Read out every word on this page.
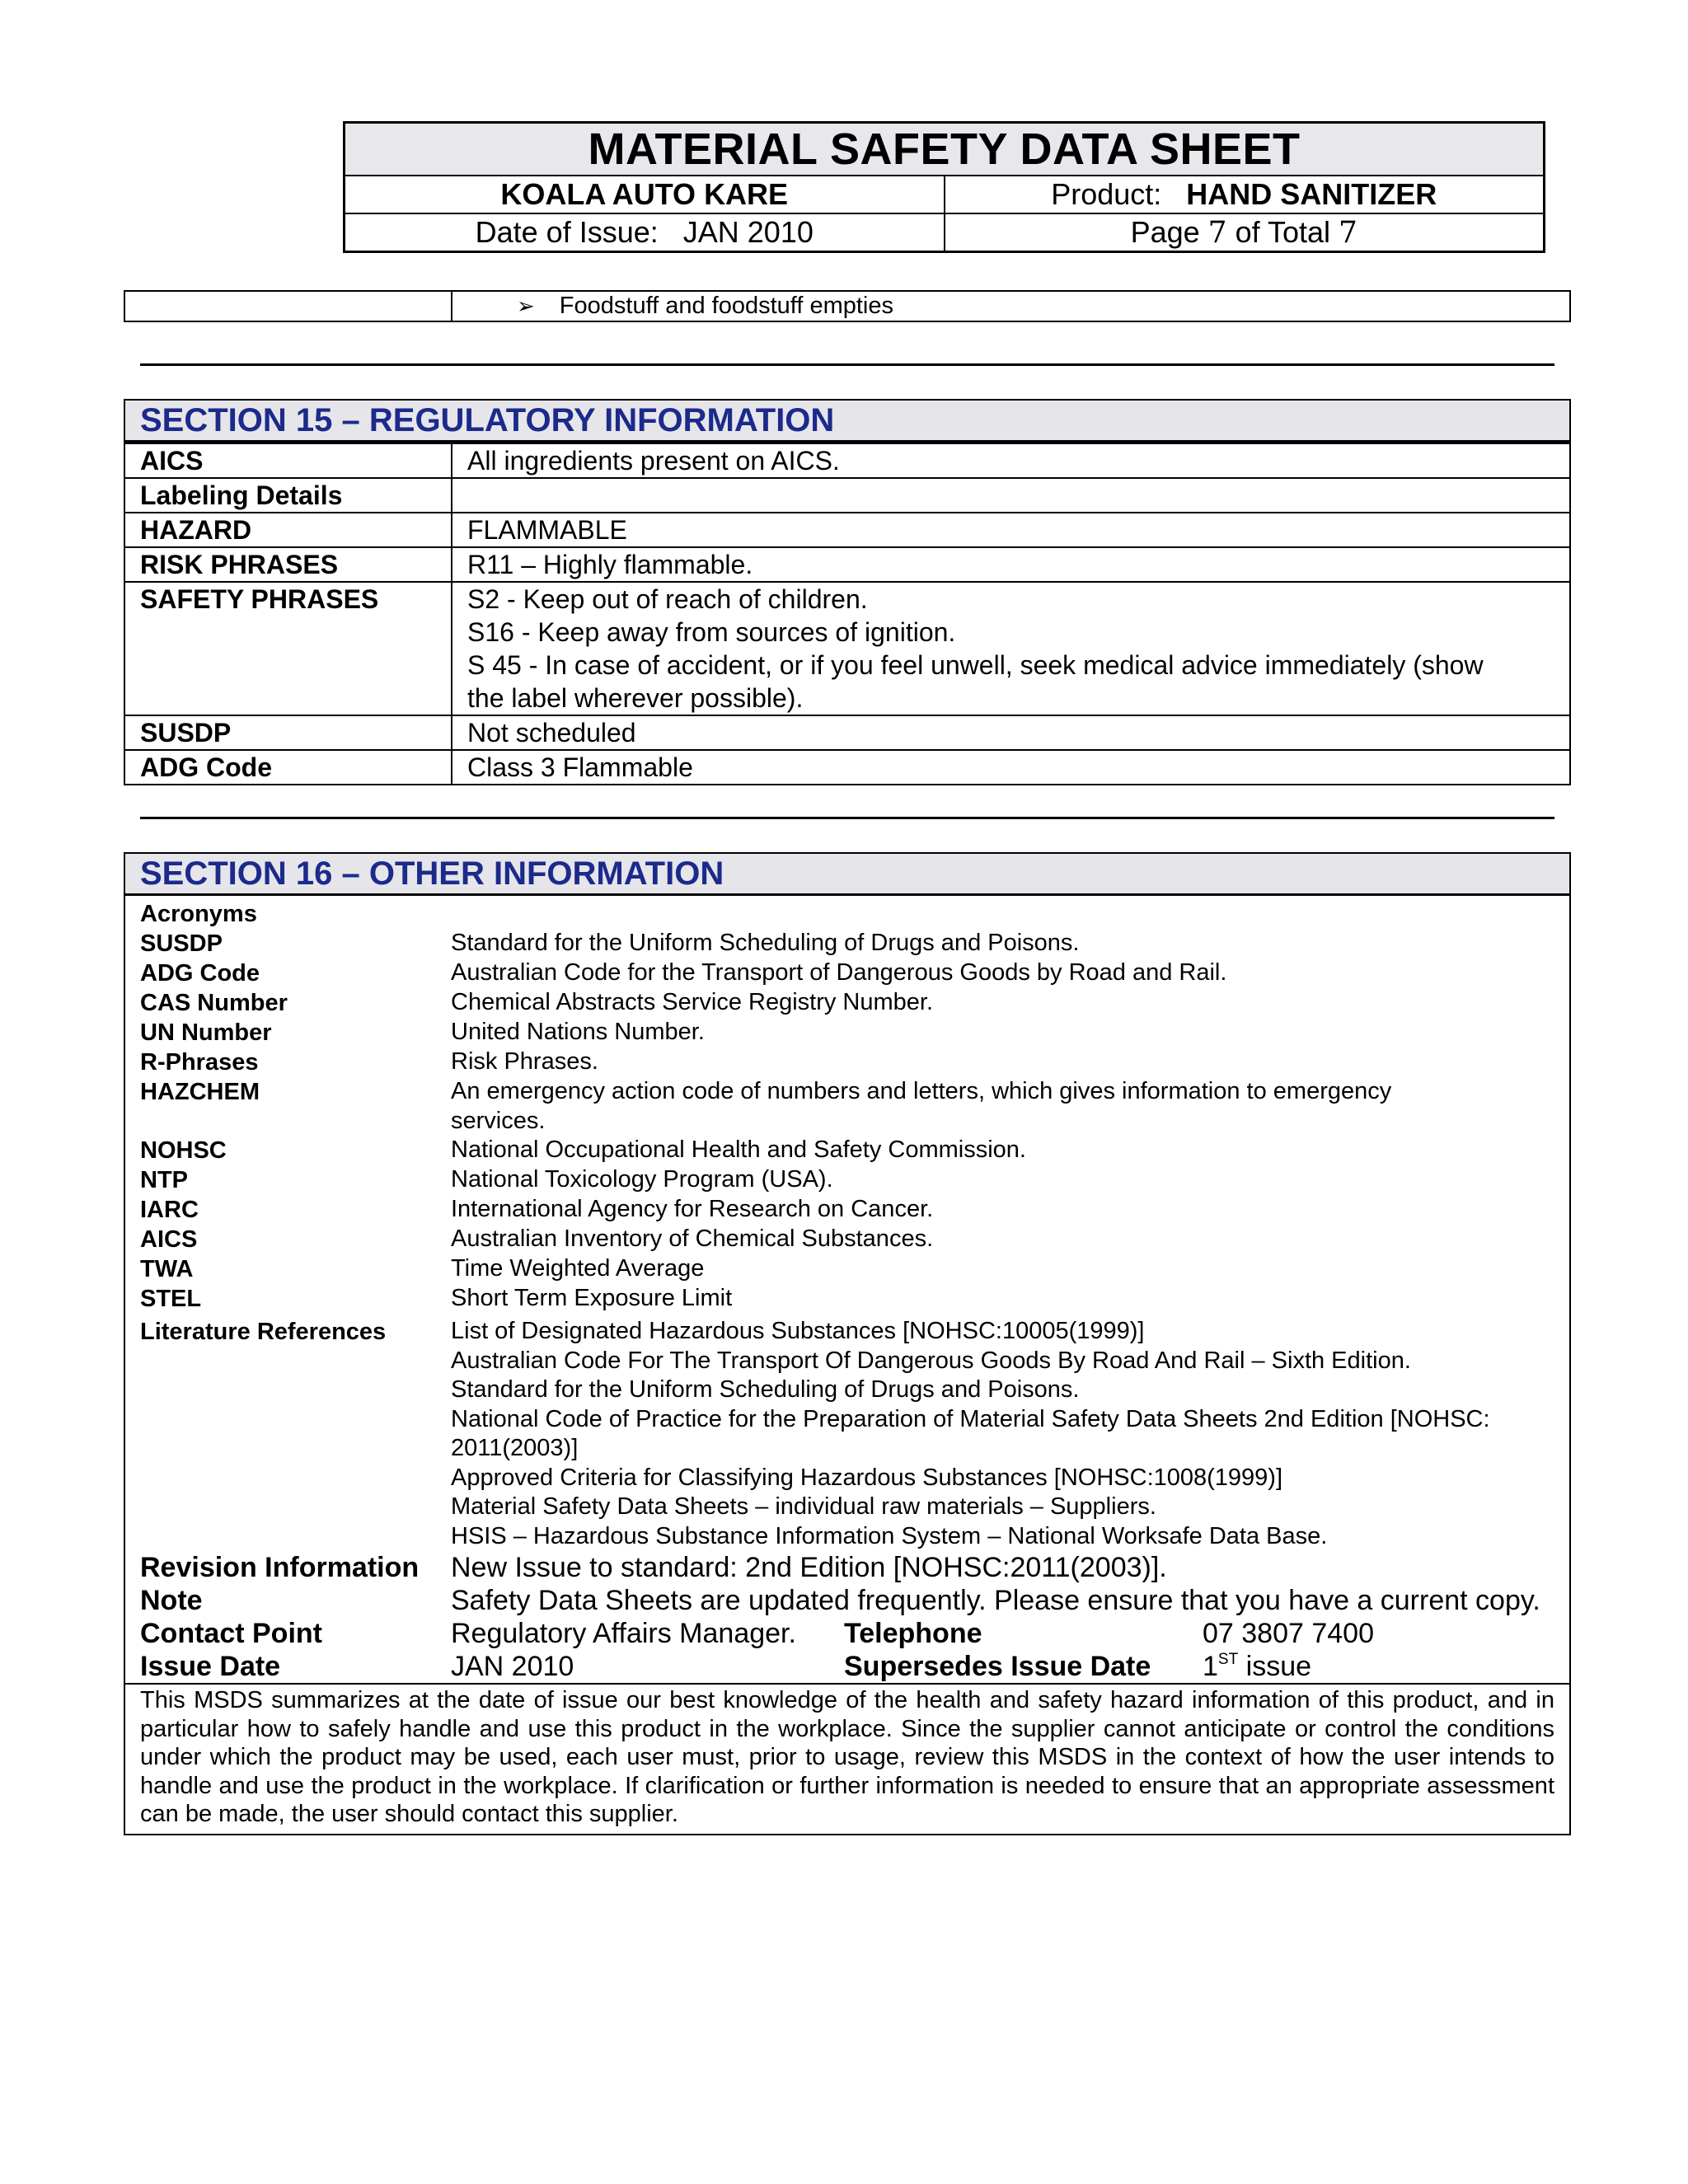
MATERIAL SAFETY DATA SHEET
KOALA AUTO KARE	Product: HAND SANITIZER
Date of Issue: JAN 2010	Page 7 of Total 7
➢ Foodstuff and foodstuff empties
SECTION 15 – REGULATORY INFORMATION
AICS	All ingredients present on AICS.
Labeling Details
HAZARD	FLAMMABLE
RISK PHRASES	R11 – Highly flammable.
SAFETY PHRASES	S2 - Keep out of reach of children.
S16 - Keep away from sources of ignition.
S 45 - In case of accident, or if you feel unwell, seek medical advice immediately (show
the label wherever possible).
SUSDP	Not scheduled
ADG Code	Class 3 Flammable
SECTION 16 – OTHER INFORMATION
Acronyms
SUSDP	Standard for the Uniform Scheduling of Drugs and Poisons.
ADG Code	Australian Code for the Transport of Dangerous Goods by Road and Rail.
CAS Number	Chemical Abstracts Service Registry Number.
UN Number	United Nations Number.
R-Phrases	Risk Phrases.
HAZCHEM	An emergency action code of numbers and letters, which gives information to emergency
services.
NOHSC	National Occupational Health and Safety Commission.
NTP	National Toxicology Program (USA).
IARC	International Agency for Research on Cancer.
AICS	Australian Inventory of Chemical Substances.
TWA	Time Weighted Average
STEL	Short Term Exposure Limit
Literature References	List of Designated Hazardous Substances [NOHSC:10005(1999)]
Australian Code For The Transport Of Dangerous Goods By Road And Rail – Sixth Edition.
Standard for the Uniform Scheduling of Drugs and Poisons.
National Code of Practice for the Preparation of Material Safety Data Sheets 2nd Edition [NOHSC:
2011(2003)]
Approved Criteria for Classifying Hazardous Substances [NOHSC:1008(1999)]
Material Safety Data Sheets – individual raw materials – Suppliers.
HSIS – Hazardous Substance Information System – National Worksafe Data Base.
Revision Information	New Issue to standard: 2nd Edition [NOHSC:2011(2003)].
Note	Safety Data Sheets are updated frequently. Please ensure that you have a current copy.
Contact Point	Regulatory Affairs Manager.	Telephone	07 3807 7400
Issue Date	JAN 2010	Supersedes Issue Date	1ST issue
This MSDS summarizes at the date of issue our best knowledge of the health and safety hazard information of this product, and in particular how to safely handle and use this product in the workplace. Since the supplier cannot anticipate or control the conditions under which the product may be used, each user must, prior to usage, review this MSDS in the context of how the user intends to handle and use the product in the workplace. If clarification or further information is needed to ensure that an appropriate assessment can be made, the user should contact this supplier.
